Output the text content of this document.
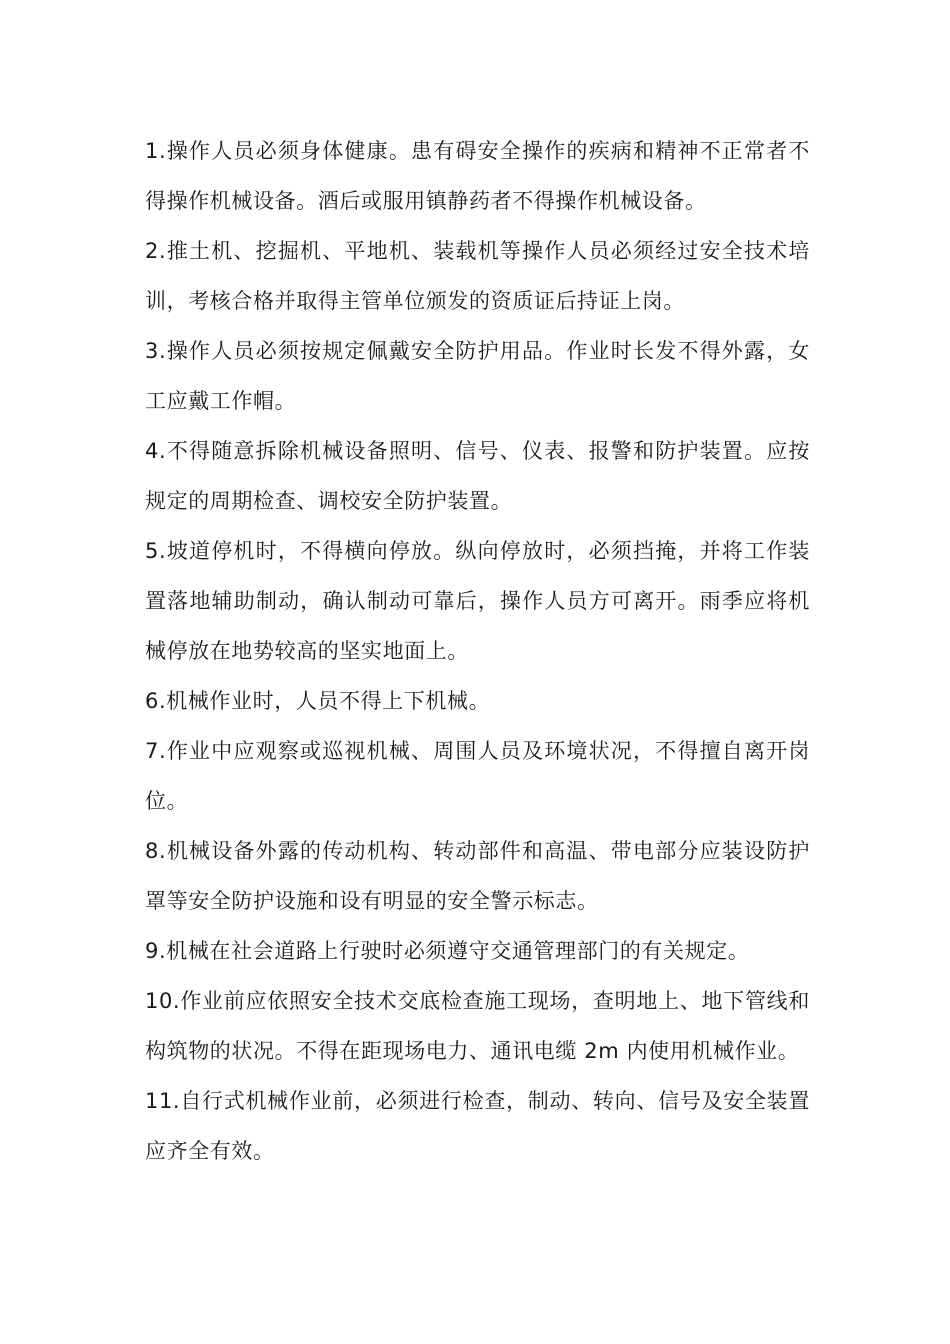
1.操作人员必须身体健康。患有碍安全操作的疾病和精神不正常者不得操作机械设备。酒后或服用镇静药者不得操作机械设备。

2.推土机、挖掘机、平地机、装载机等操作人员必须经过安全技术培训，考核合格并取得主管单位颁发的资质证后持证上岗。

3.操作人员必须按规定佩戴安全防护用品。作业时长发不得外露，女工应戴工作帽。

4.不得随意拆除机械设备照明、信号、仪表、报警和防护装置。应按规定的周期检查、调校安全防护装置。

5.坡道停机时，不得横向停放。纵向停放时，必须挡掩，并将工作装置落地辅助制动，确认制动可靠后，操作人员方可离开。雨季应将机械停放在地势较高的坚实地面上。

6.机械作业时，人员不得上下机械。

7.作业中应观察或巡视机械、周围人员及环境状况，不得擅自离开岗位。

8.机械设备外露的传动机构、转动部件和高温、带电部分应装设防护罩等安全防护设施和设有明显的安全警示标志。

9.机械在社会道路上行驶时必须遵守交通管理部门的有关规定。

10.作业前应依照安全技术交底检查施工现场，查明地上、地下管线和构筑物的状况。不得在距现场电力、通讯电缆 2m 内使用机械作业。

11.自行式机械作业前，必须进行检查，制动、转向、信号及安全装置应齐全有效。
